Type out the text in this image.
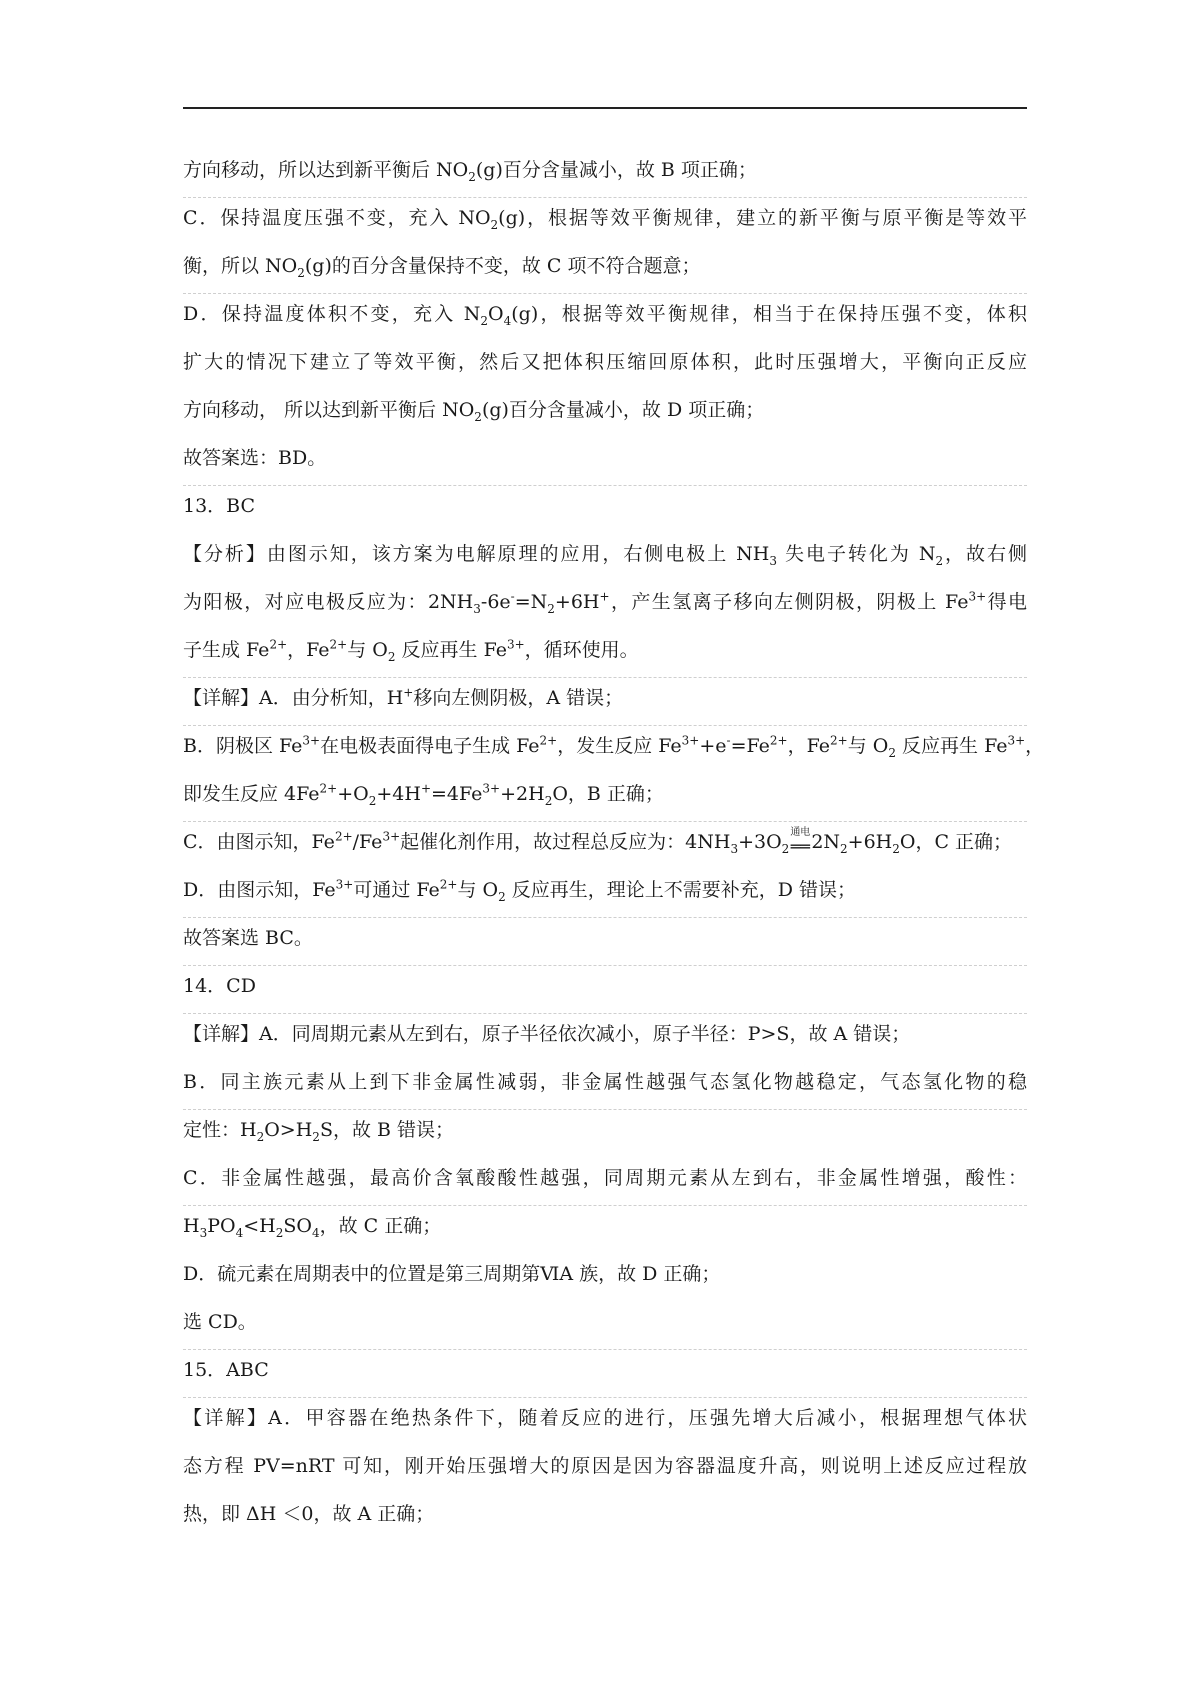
方向移动，所以达到新平衡后 $NO_2(g)$百分含量减小，故 B 项正确；
C．保持温度压强不变，充入 $NO_2(g)$，根据等效平衡规律，建立的新平衡与原平衡是等效平
衡，所以 $NO_2(g)$的百分含量保持不变，故 C 项不符合题意；
D．保持温度体积不变，充入 $N_2O_4(g)$，根据等效平衡规律，相当于在保持压强不变，体积
扩大的情况下建立了等效平衡，然后又把体积压缩回原体积，此时压强增大，平衡向正反应
方向移动， 所以达到新平衡后 $NO_2(g)$百分含量减小，故 D 项正确；
故答案选：BD。
13．BC
【分析】由图示知，该方案为电解原理的应用，右侧电极上 $NH_3$ 失电子转化为 $N_2$，故右侧
为阳极，对应电极反应为：$2NH_3-6e^-=N_2+6H^+$，产生氢离子移向左侧阴极，阴极上 $Fe^{3+}$得电
子生成 $Fe^{2+}$，$Fe^{2+}$与 $O_2$ 反应再生 $Fe^{3+}$，循环使用。
【详解】A．由分析知，H+移向左侧阴极，A 错误；
B．阴极区 $Fe^{3+}$在电极表面得电子生成 $Fe^{2+}$，发生反应 $Fe^{3+}+e^-=Fe^{2+}$，$Fe^{2+}$与 $O_2$ 反应再生 $Fe^{3+}$，
即发生反应 $4Fe^{2+}+O_2+4H^+=4Fe^{3+}+2H_2O$，B 正确；
C．由图示知，$Fe^{2+}/Fe^{3+}$起催化剂作用，故过程总反应为：$4NH_3+3O_2$
通电
══ $2N_2+6H_2O$，C 正确；
D．由图示知，$Fe^{3+}$可通过 $Fe^{2+}$与 $O_2$ 反应再生，理论上不需要补充，D 错误；
故答案选 BC。
14．CD
【详解】A．同周期元素从左到右，原子半径依次减小，原子半径：P>S，故 A 错误；
B．同主族元素从上到下非金属性减弱，非金属性越强气态氢化物越稳定，气态氢化物的稳
定性：$H_2O>H_2S$，故 B 错误；
C．非金属性越强，最高价含氧酸酸性越强，同周期元素从左到右，非金属性增强，酸性：
$H_3PO_4<H_2SO_4$，故 C 正确；
D．硫元素在周期表中的位置是第三周期第ⅥA 族，故 D 正确；
选 CD。
15．ABC
【详解】A．甲容器在绝热条件下，随着反应的进行，压强先增大后减小，根据理想气体状
态方程 PV=nRT 可知，刚开始压强增大的原因是因为容器温度升高，则说明上述反应过程放
热，即 ΔH ＜0，故 A 正确；
